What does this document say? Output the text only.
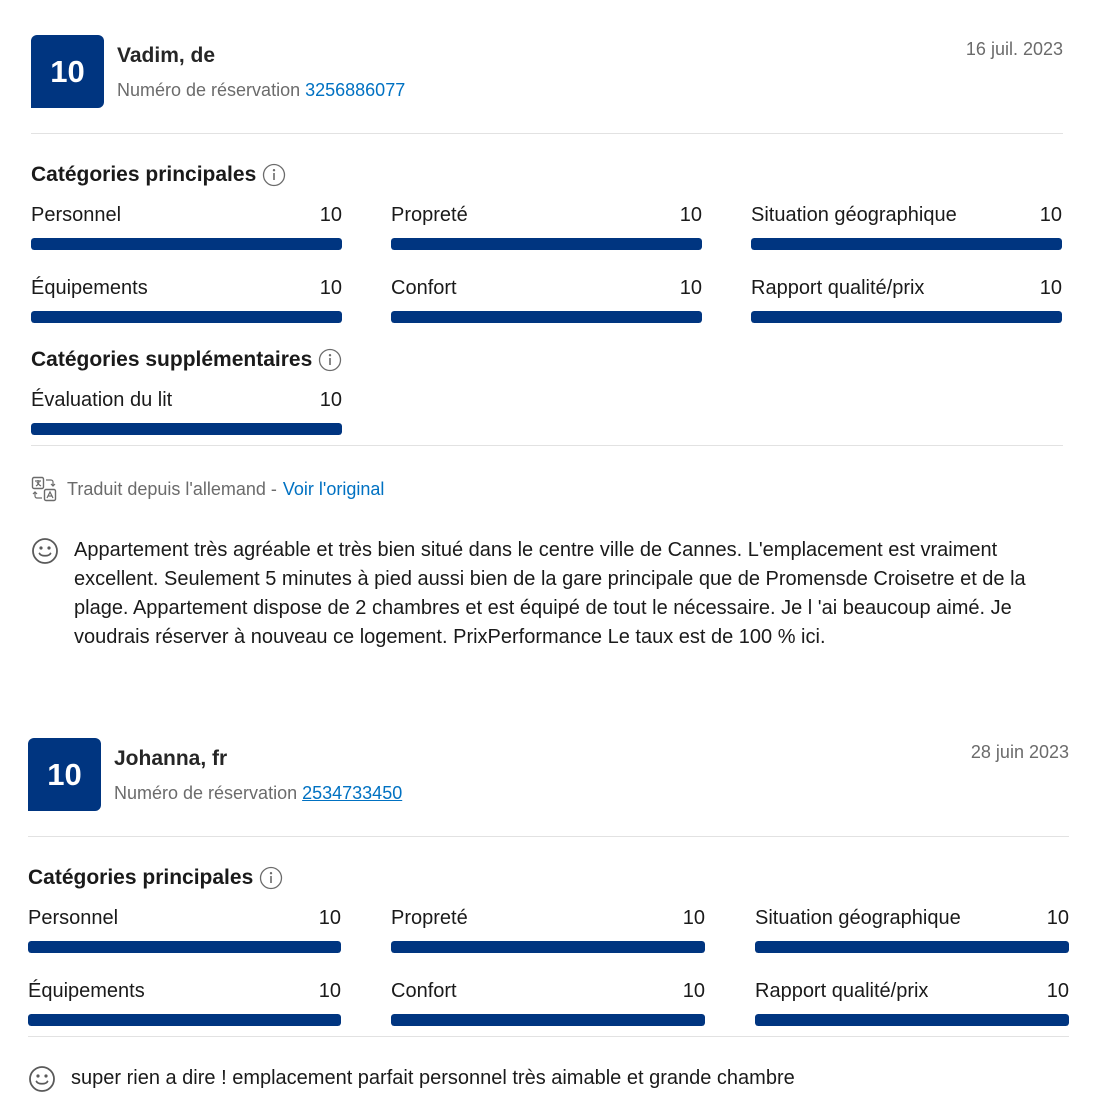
10	Vadim, de
Numéro de réservation 3256886077
16 juil. 2023
Catégories principales
Personnel	10 Propreté	10 Situation géographique	10
Équipements	10 Confort	10 Rapport qualité/prix	10
Catégories supplémentaires
Évaluation du lit	10
Traduit depuis l'allemand - Voir l'original
Appartement très agréable et très bien situé dans le centre ville de Cannes. L'emplacement est vraiment excellent. Seulement 5 minutes à pied aussi bien de la gare principale que de Promensde Croisetre et de la plage. Appartement dispose de 2 chambres et est équipé de tout le nécessaire. Je l 'ai beaucoup aimé. Je voudrais réserver à nouveau ce logement. PrixPerformance Le taux est de 100 % ici.
10	Johanna, fr
Numéro de réservation 2534733450
28 juin 2023
Catégories principales
Personnel	10	Propreté	10	Situation géographique	10
Équipements	10	Confort	10	Rapport qualité/prix	10
super rien a dire ! emplacement parfait personnel très aimable et grande chambre
